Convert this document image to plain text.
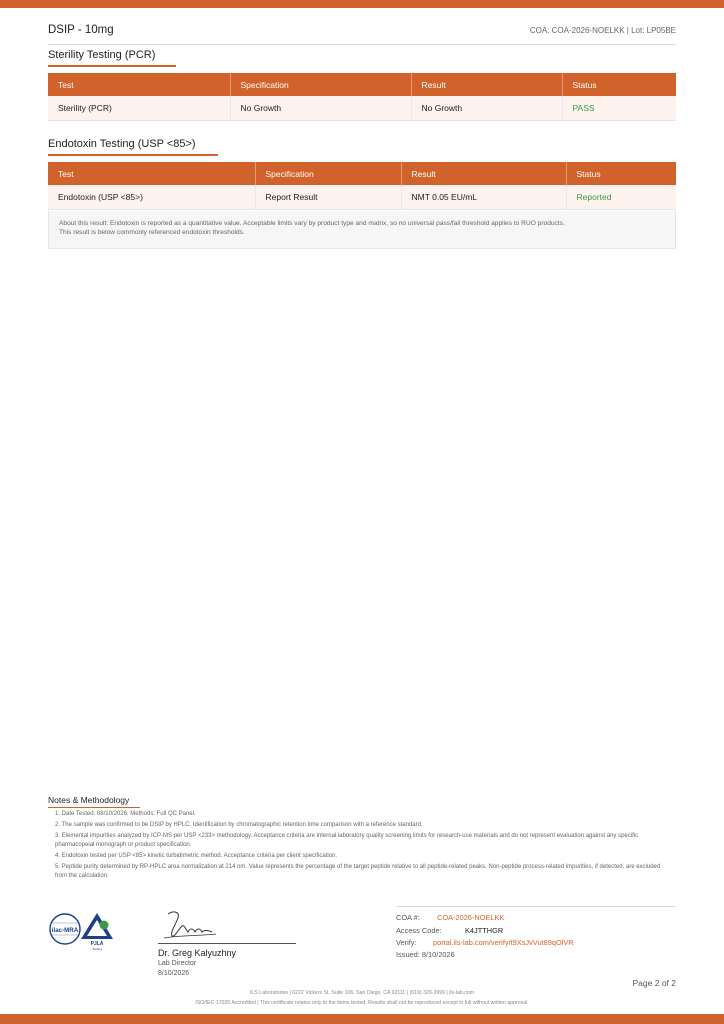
DSIP - 10mg	COA: COA-2026-NOELKK | Lot: LP05BE
Sterility Testing (PCR)
Test	Specification	Result	Status
Sterility (PCR)	No Growth	No Growth	PASS
Endotoxin Testing (USP <85>)
Test	Specification	Result	Status
Endotoxin (USP <85>)	Report Result	NMT 0.05 EU/mL	Reported
About this result: Endotoxin is reported as a quantitative value. Acceptable limits vary by product type and matrix, so no universal pass/fail threshold applies to RUO products.
This result is below commonly referenced endotoxin thresholds.
Notes & Methodology
1. Date Tested: 08/10/2026. Methods: Full QC Panel.
2. The sample was confirmed to be DSIP by HPLC. Identification by chromatographic retention time comparison with a reference standard.
3. Elemental impurities analyzed by ICP-MS per USP <233> methodology. Acceptance criteria are internal laboratory quality screening limits for research-use materials and do not represent evaluation against any specific pharmacopeial monograph or product specification.
4. Endotoxin tested per USP <85> kinetic turbidimetric method. Acceptance criteria per client specification.
5. Peptide purity determined by RP-HPLC area normalization at 214 nm. Value represents the percentage of the target peptide relative to all peptide-related peaks. Non-peptide process-related impurities, if detected, are excluded from the calculation.
ilac-MRA
PJLA
Testing	Dr. Greg Kalyuzhny
Lab Director
8/10/2026
COA #: COA-2026-NOELKK
Access Code:	K4JTTHGR
Verify: portal.ils-lab.com/verify/t9XsJvVut89qOlVR
Issued: 8/10/2026
Page 2 of 2
ILS Laboratories | 6222 Vickers St, Suite 106, San Diego, CA 92111 | (619) 329-3999 | ils-lab.com
ISO/IEC 17025 Accredited | This certificate relates only to the items tested. Results shall not be reproduced except in full without written approval.
